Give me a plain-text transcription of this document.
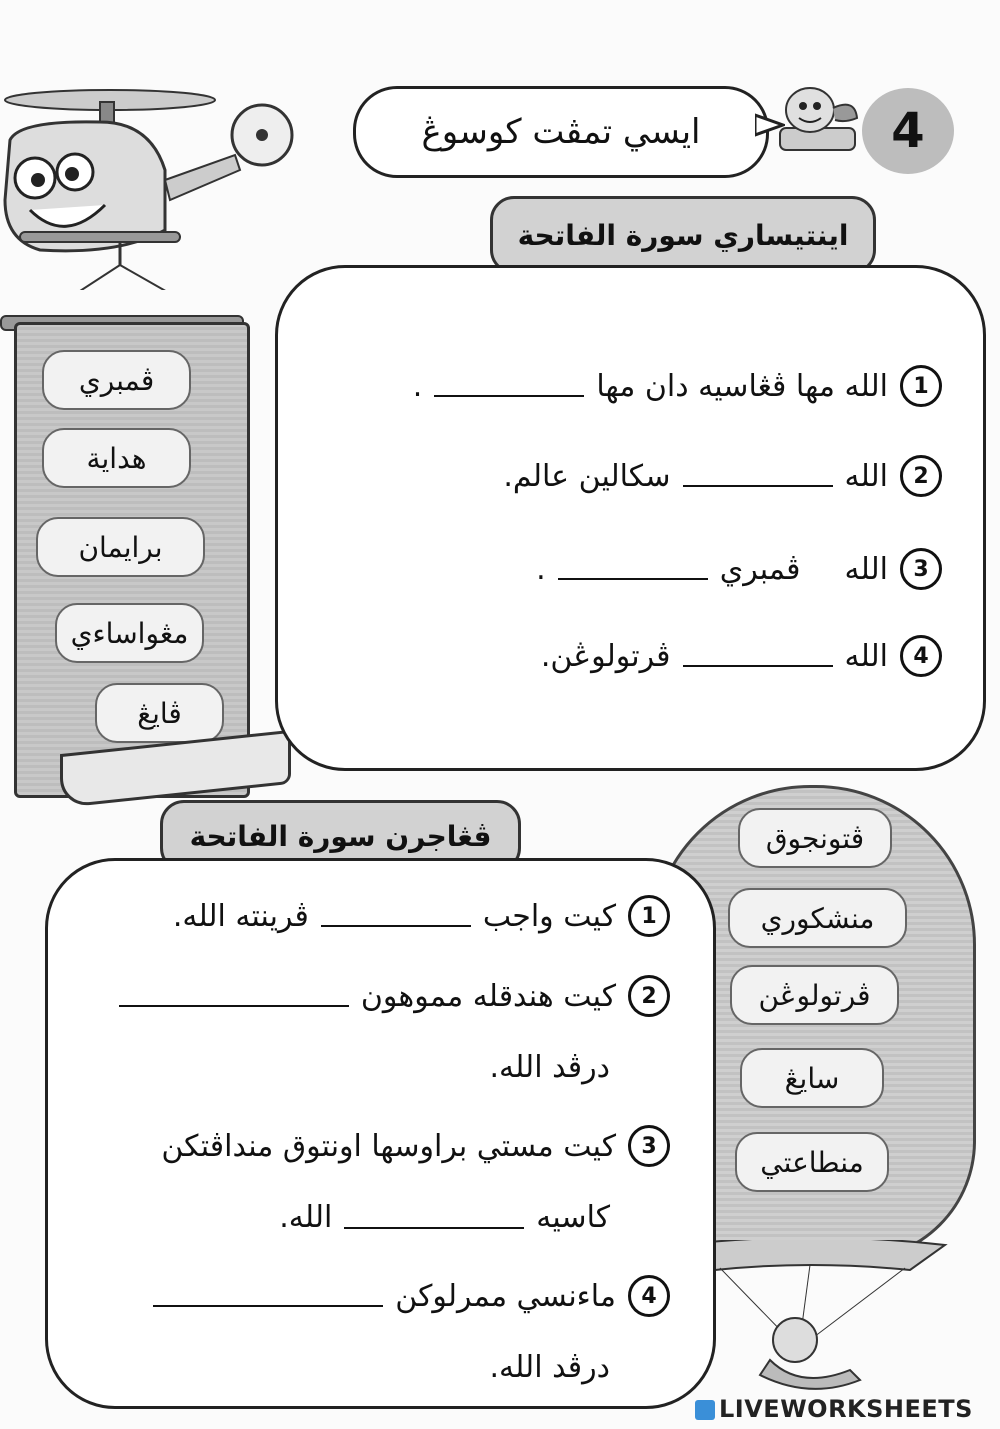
4
ايسي تمڤت كوسوڠ
ڤمبري
هداية
برايمان
مڠواساءي
ڤايڠ
اينتيساري سورة الفاتحة
1
الله مها ڤڠاسيه دان مها
.
2
الله
سكالين عالم.
3
الله
ڤمبري
.
4
الله
ڤرتولوڠن.
ڤتونجوق
منشكوري
ڤرتولوڠن
سايڠ
منطاعتي
ڤڠاجرن سورة الفاتحة
1
كيت واجب
ڤرينته الله.
2
كيت هندقله مموهون
درڤد الله.
3
كيت مستي براوسها اونتوق منداڤتكن
كاسيه
الله.
4
ماءنسي ممرلوكن
درڤد الله.
LIVEWORKSHEETS
